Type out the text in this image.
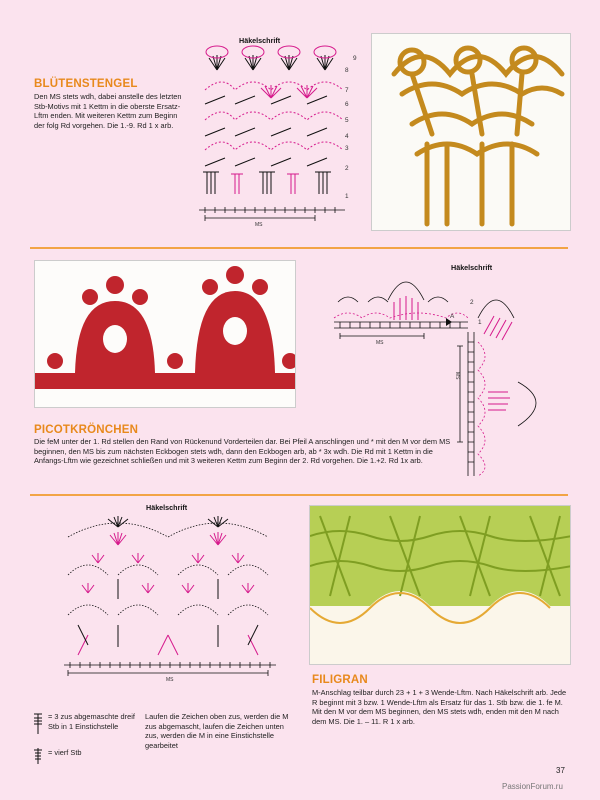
BLÜTENSTENGEL
Den MS stets wdh, dabei anstelle des letzten Stb-Motivs mit 1 Kettm in die oberste Ersatz-Lftm enden. Mit weiteren Kettm zum Beginn der folg Rd vorgehen. Die 1.-9. Rd 1 x arb.
Häkelschrift
MS
9
8
7
6
5
4
3
2
1
Häkelschrift
A
2
1
MS
MS
PICOTKRÖNCHEN
Die feM unter der 1. Rd stellen den Rand von Rückenund Vorderteilen dar. Bei Pfeil A anschlingen und * mit den M vor dem MS beginnen, den MS bis zum nächsten Eckbogen stets wdh, dann den Eckbogen arb, ab * 3x wdh. Die Rd mit 1 Kettm in die Anfangs-Lftm wie gezeichnet schließen und mit 3 weiteren Kettm zum Beginn der 2. Rd vorgehen. Die 1.+2. Rd 1x arb.
Häkelschrift
MS	FILIGRAN
M-Anschlag teilbar durch 23 + 1 + 3 Wende-Lftm. Nach Häkelschrift arb. Jede R beginnt mit 3 bzw. 1 Wende-Lftm als Ersatz für das 1. Stb bzw. die 1. fe M. Mit den M vor dem MS beginnen, den MS stets wdh, enden mit den M nach dem MS. Die 1. – 11. R 1 x arb.
= 3 zus abgemaschte dreif Stb in 1 Einstichstelle
= vierf Stb
Laufen die Zeichen oben zus, werden die M zus abgemascht, laufen die Zeichen unten zus, werden die M in eine Einstichstelle gearbeitet
37
PassionForum.ru
